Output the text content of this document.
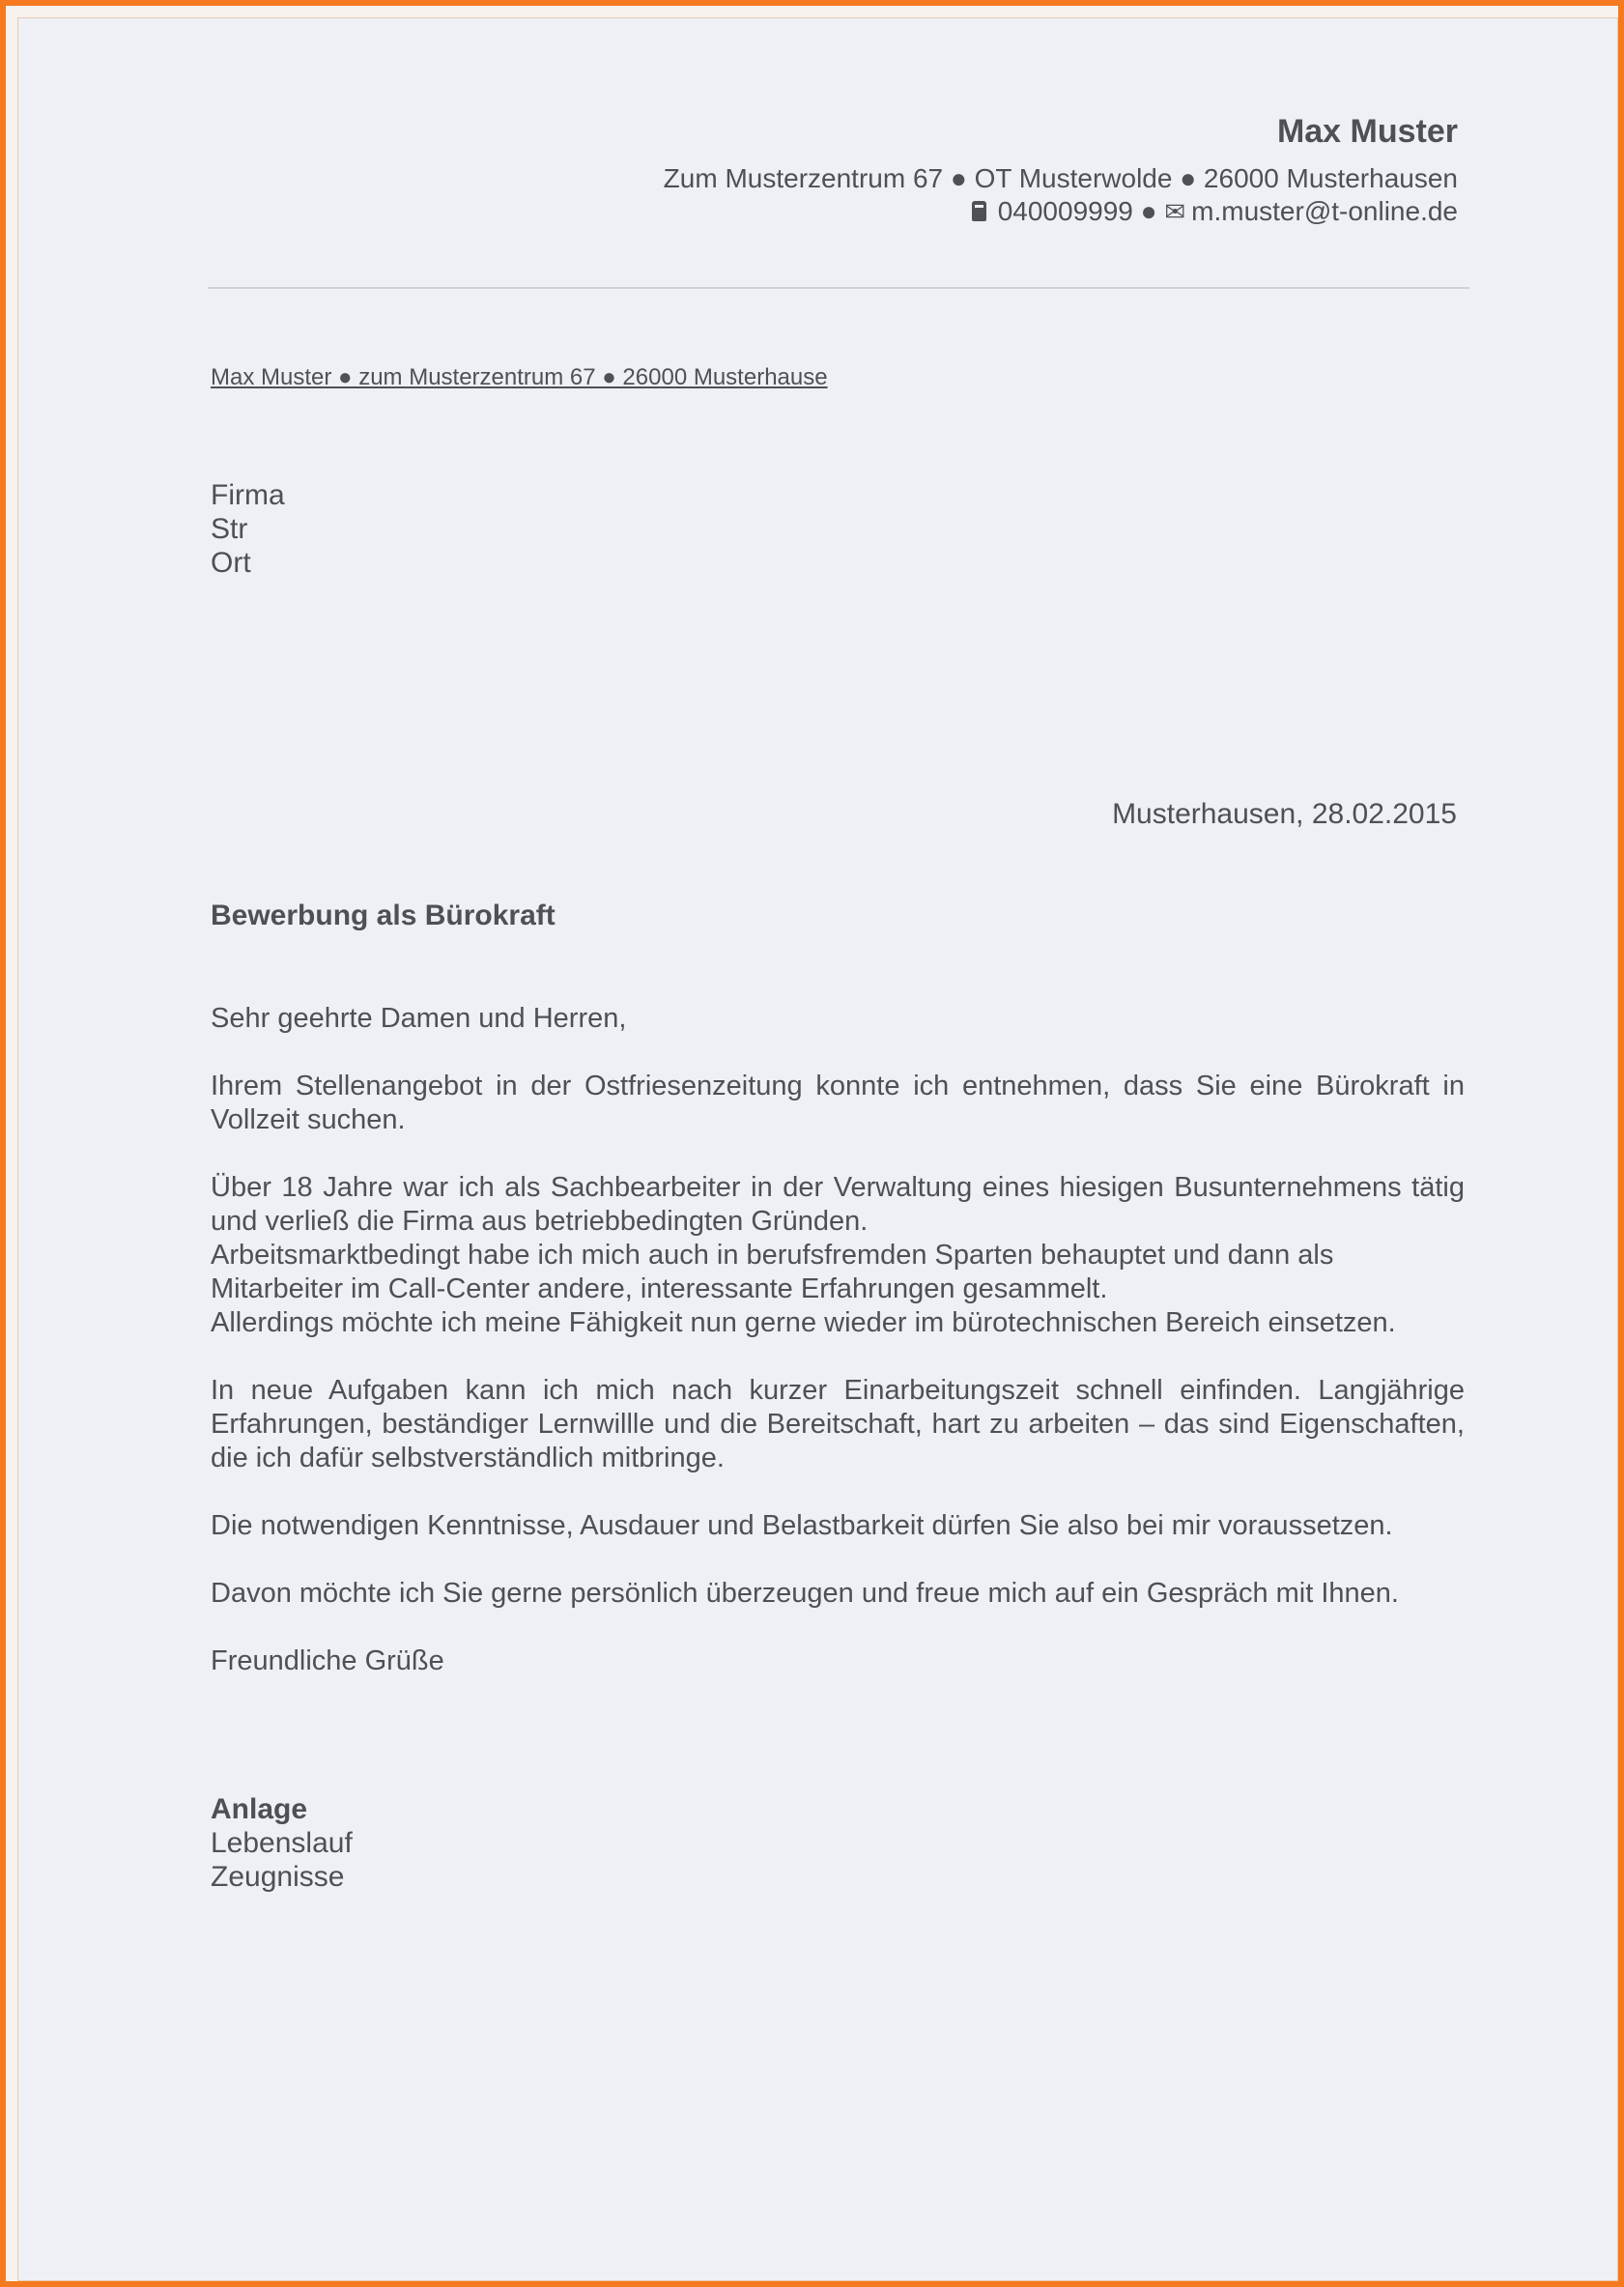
Max Muster
Zum Musterzentrum 67 ● OT Musterwolde ● 26000 Musterhausen
040009999 ● ✉ m.muster@t-online.de
Max Muster ● zum Musterzentrum 67 ● 26000 Musterhause
Firma
Str
Ort
Musterhausen, 28.02.2015
Bewerbung als Bürokraft

Sehr geehrte Damen und Herren,

Ihrem Stellenangebot in der Ostfriesenzeitung konnte ich entnehmen, dass Sie eine Bürokraft in Vollzeit suchen.

Über 18 Jahre war ich als Sachbearbeiter in der Verwaltung eines hiesigen Busunternehmens tätig und verließ die Firma aus betriebbedingten Gründen.
Arbeitsmarktbedingt habe ich mich auch in berufsfremden Sparten behauptet und dann als Mitarbeiter im Call-Center andere, interessante Erfahrungen gesammelt.
Allerdings möchte ich meine Fähigkeit nun gerne wieder im bürotechnischen Bereich einsetzen.

In neue Aufgaben kann ich mich nach kurzer Einarbeitungszeit schnell einfinden. Langjährige Erfahrungen, beständiger Lernwillle und die Bereitschaft, hart zu arbeiten – das sind Eigenschaften, die ich dafür selbstverständlich mitbringe.

Die notwendigen Kenntnisse, Ausdauer und Belastbarkeit dürfen Sie also bei mir voraussetzen.

Davon möchte ich Sie gerne persönlich überzeugen und freue mich auf ein Gespräch mit Ihnen.

Freundliche Grüße

Anlage
Lebenslauf
Zeugnisse
